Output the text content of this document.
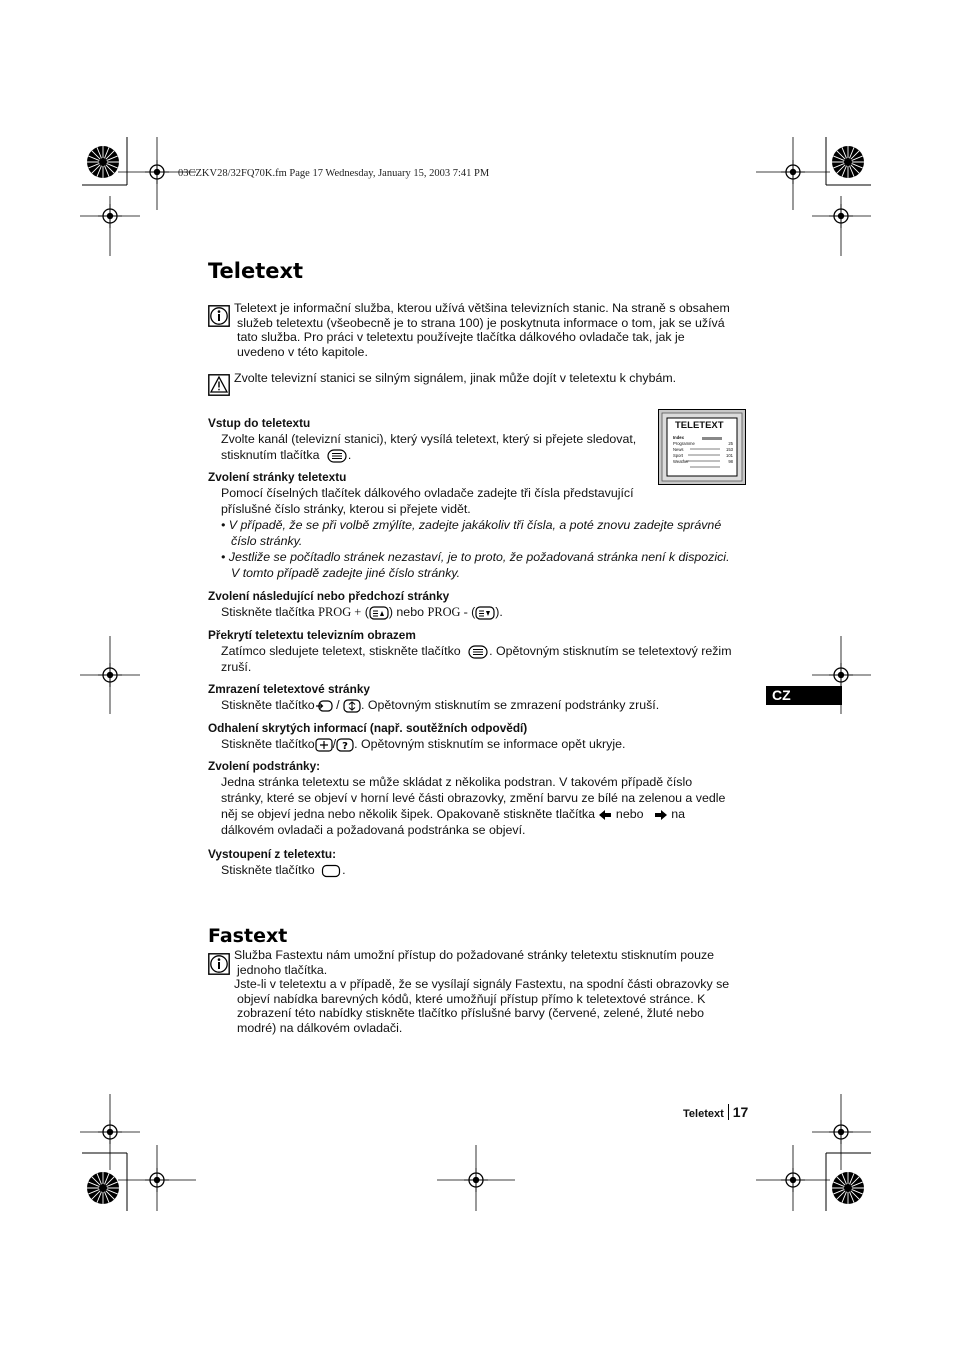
03CZKV28/32FQ70K.fm Page 17 Wednesday, January 15, 2003 7:41 PM
Teletext
Teletext je informační služba, kterou užívá většina televizních stanic. Na straně s obsahem
služeb teletextu (všeobecně je to strana 100) je poskytnuta informace o tom, jak se užívá
tato služba. Pro práci v teletextu používejte tlačítka dálkového ovladače tak, jak je
uvedeno v této kapitole.
Zvolte televizní stanici se silným signálem, jinak může dojít v teletextu k chybám.
TELETEXT
Index
Programme	25
News	153
Sport	101
Weather	98
Vstup do teletextu
Zvolte kanál (televizní stanici), který vysílá teletext, který si přejete sledovat,
stisknutím tlačítka .
Zvolení stránky teletextu
Pomocí číselných tlačítek dálkového ovladače zadejte tři čísla představující
příslušné číslo stránky, kterou si přejete vidět.
• V případě, že se při volbě zmýlíte, zadejte jakákoliv tři čísla, a poté znovu zadejte správné
číslo stránky.
• Jestliže se počítadlo stránek nezastaví, je to proto, že požadovaná stránka není k dispozici.
V tomto případě zadejte jiné číslo stránky.
Zvolení následující nebo předchozí stránky
Stiskněte tlačítka PROG + ( ) nebo PROG - ( ).
Překrytí teletextu televizním obrazem
Zatímco sledujete teletext, stiskněte tlačítko . Opětovným stisknutím se teletextový režim
zruší.
Zmrazení teletextové stránky
Stiskněte tlačítko / . Opětovným stisknutím se zmrazení podstránky zruší.
Odhalení skrytých informací (např. soutěžních odpovědí)
Stiskněte tlačítko / ? . Opětovným stisknutím se informace opět ukryje.
Zvolení podstránky:
Jedna stránka teletextu se může skládat z několika podstran. V takovém případě číslo
stránky, které se objeví v horní levé části obrazovky, změní barvu ze bílé na zelenou a vedle
něj se objeví jedna nebo několik šipek. Opakovaně stiskněte tlačítka nebo na
dálkovém ovladači a požadovaná podstránka se objeví.
Vystoupení z teletextu:
Stiskněte tlačítko .
Fastext
Služba Fastextu nám umožní přístup do požadované stránky teletextu stisknutím pouze
jednoho tlačítka.
Jste-li v teletextu a v případě, že se vysílají signály Fastextu, na spodní části obrazovky se
objeví nabídka barevných kódů, které umožňují přístup přímo k teletextové stránce. K
zobrazení této nabídky stiskněte tlačítko příslušné barvy (červené, zelené, žluté nebo
modré) na dálkovém ovladači.
CZ
Teletext 17
